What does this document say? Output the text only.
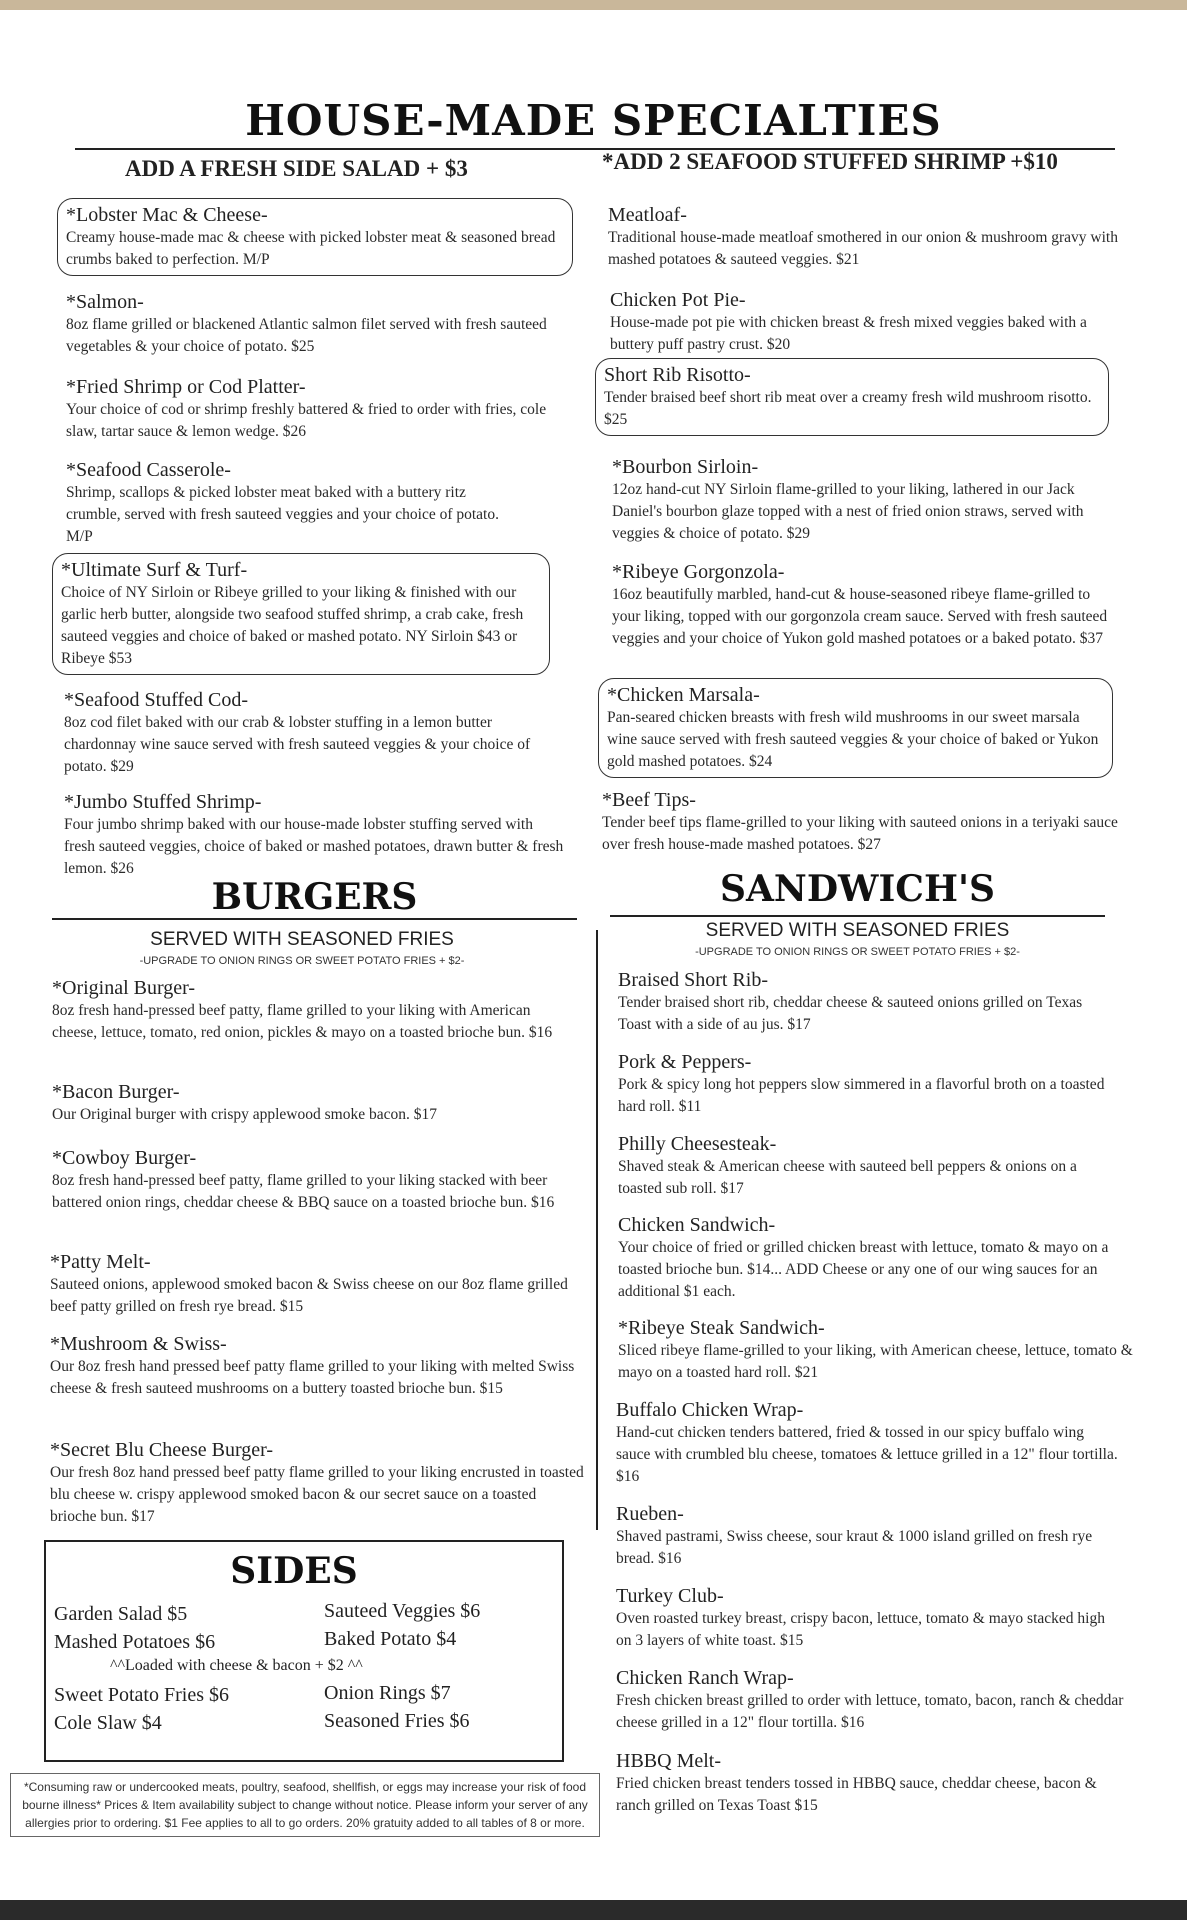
HOUSE-MADE SPECIALTIES
ADD A FRESH SIDE SALAD + $3	*ADD 2 SEAFOOD STUFFED SHRIMP +$10
*Lobster Mac & Cheese-
Creamy house-made mac & cheese with picked lobster meat & seasoned bread crumbs baked to perfection. M/P
*Salmon-
8oz flame grilled or blackened Atlantic salmon filet served with fresh sauteed vegetables & your choice of potato. $25
*Fried Shrimp or Cod Platter-
Your choice of cod or shrimp freshly battered & fried to order with fries, cole slaw, tartar sauce & lemon wedge. $26
*Seafood Casserole-
Shrimp, scallops & picked lobster meat baked with a buttery ritz crumble, served with fresh sauteed veggies and your choice of potato. M/P
*Ultimate Surf & Turf-
Choice of NY Sirloin or Ribeye grilled to your liking & finished with our garlic herb butter, alongside two seafood stuffed shrimp, a crab cake, fresh sauteed veggies and choice of baked or mashed potato. NY Sirloin $43 or Ribeye $53
*Seafood Stuffed Cod-
8oz cod filet baked with our crab & lobster stuffing in a lemon butter chardonnay wine sauce served with fresh sauteed veggies & your choice of potato. $29
*Jumbo Stuffed Shrimp-
Four jumbo shrimp baked with our house-made lobster stuffing served with fresh sauteed veggies, choice of baked or mashed potatoes, drawn butter & fresh lemon. $26
Meatloaf-
Traditional house-made meatloaf smothered in our onion & mushroom gravy with mashed potatoes & sauteed veggies. $21
Chicken Pot Pie-
House-made pot pie with chicken breast & fresh mixed veggies baked with a buttery puff pastry crust. $20
Short Rib Risotto-
Tender braised beef short rib meat over a creamy fresh wild mushroom risotto. $25
*Bourbon Sirloin-
12oz hand-cut NY Sirloin flame-grilled to your liking, lathered in our Jack Daniel's bourbon glaze topped with a nest of fried onion straws, served with veggies & choice of potato. $29
*Ribeye Gorgonzola-
16oz beautifully marbled, hand-cut & house-seasoned ribeye flame-grilled to your liking, topped with our gorgonzola cream sauce. Served with fresh sauteed veggies and your choice of Yukon gold mashed potatoes or a baked potato. $37
*Chicken Marsala-
Pan-seared chicken breasts with fresh wild mushrooms in our sweet marsala wine sauce served with fresh sauteed veggies & your choice of baked or Yukon gold mashed potatoes. $24
*Beef Tips-
Tender beef tips flame-grilled to your liking with sauteed onions in a teriyaki sauce over fresh house-made mashed potatoes. $27
BURGERS
SERVED WITH SEASONED FRIES
-UPGRADE TO ONION RINGS OR SWEET POTATO FRIES + $2-
*Original Burger-
8oz fresh hand-pressed beef patty, flame grilled to your liking with American cheese, lettuce, tomato, red onion, pickles & mayo on a toasted brioche bun. $16
*Bacon Burger-
Our Original burger with crispy applewood smoke bacon. $17
*Cowboy Burger-
8oz fresh hand-pressed beef patty, flame grilled to your liking stacked with beer battered onion rings, cheddar cheese & BBQ sauce on a toasted brioche bun. $16
*Patty Melt-
Sauteed onions, applewood smoked bacon & Swiss cheese on our 8oz flame grilled beef patty grilled on fresh rye bread. $15
*Mushroom & Swiss-
Our 8oz fresh hand pressed beef patty flame grilled to your liking with melted Swiss cheese & fresh sauteed mushrooms on a buttery toasted brioche bun. $15
*Secret Blu Cheese Burger-
Our fresh 8oz hand pressed beef patty flame grilled to your liking encrusted in toasted blu cheese w. crispy applewood smoked bacon & our secret sauce on a toasted brioche bun. $17
SIDES
Garden Salad $5	Sauteed Veggies $6
Mashed Potatoes $6	Baked Potato $4
^^Loaded with cheese & bacon + $2 ^^
Sweet Potato Fries $6	Onion Rings $7
Cole Slaw $4	Seasoned Fries $6
*Consuming raw or undercooked meats, poultry, seafood, shellfish, or eggs may increase your risk of food bourne illness* Prices & Item availability subject to change without notice. Please inform your server of any allergies prior to ordering. $1 Fee applies to all to go orders. 20% gratuity added to all tables of 8 or more.
SANDWICH'S
SERVED WITH SEASONED FRIES
-UPGRADE TO ONION RINGS OR SWEET POTATO FRIES + $2-
Braised Short Rib-
Tender braised short rib, cheddar cheese & sauteed onions grilled on Texas Toast with a side of au jus. $17
Pork & Peppers-
Pork & spicy long hot peppers slow simmered in a flavorful broth on a toasted hard roll. $11
Philly Cheesesteak-
Shaved steak & American cheese with sauteed bell peppers & onions on a toasted sub roll. $17
Chicken Sandwich-
Your choice of fried or grilled chicken breast with lettuce, tomato & mayo on a toasted brioche bun. $14... ADD Cheese or any one of our wing sauces for an additional $1 each.
*Ribeye Steak Sandwich-
Sliced ribeye flame-grilled to your liking, with American cheese, lettuce, tomato & mayo on a toasted hard roll. $21
Buffalo Chicken Wrap-
Hand-cut chicken tenders battered, fried & tossed in our spicy buffalo wing sauce with crumbled blu cheese, tomatoes & lettuce grilled in a 12" flour tortilla. $16
Rueben-
Shaved pastrami, Swiss cheese, sour kraut & 1000 island grilled on fresh rye bread. $16
Turkey Club-
Oven roasted turkey breast, crispy bacon, lettuce, tomato & mayo stacked high on 3 layers of white toast. $15
Chicken Ranch Wrap-
Fresh chicken breast grilled to order with lettuce, tomato, bacon, ranch & cheddar cheese grilled in a 12" flour tortilla. $16
HBBQ Melt-
Fried chicken breast tenders tossed in HBBQ sauce, cheddar cheese, bacon & ranch grilled on Texas Toast $15
